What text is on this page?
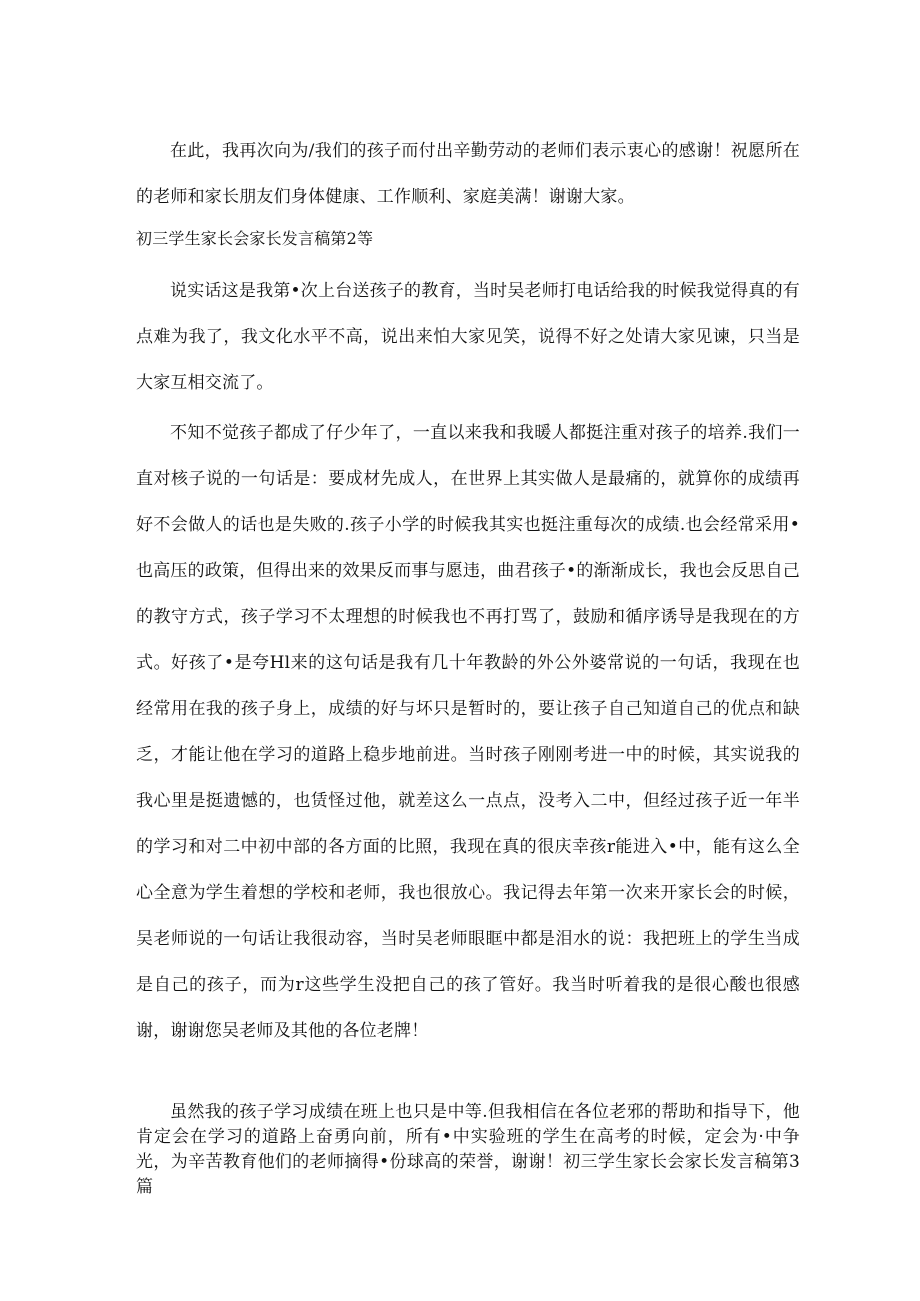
在此，我再次向为/我们的孩子而付出辛勤劳动的老师们表示衷心的感谢！祝愿所在的老师和家长朋友们身体健康、工作顺利、家庭美满！谢谢大家。

初三学生家长会家长发言稿第2等

说实话这是我第•次上台送孩子的教育，当时吴老师打电话给我的时候我觉得真的有点难为我了，我文化水平不高，说出来怕大家见笑，说得不好之处请大家见谏，只当是大家互相交流了。

不知不觉孩子都成了仔少年了，一直以来我和我暖人都挺注重对孩子的培养.我们一直对核子说的一句话是：要成材先成人，在世界上其实做人是最痛的，就算你的成绩再好不会做人的话也是失败的.孩子小学的时候我其实也挺注重每次的成绩.也会经常采用•也高压的政策，但得出来的效果反而事与愿违，曲君孩子•的渐渐成长，我也会反思自己的教守方式，孩子学习不太理想的时候我也不再打骂了，鼓励和循序诱导是我现在的方式。好孩了•是夸Hl来的这句话是我有几十年教龄的外公外婆常说的一句话，我现在也经常用在我的孩子身上，成绩的好与坏只是暂时的，要让孩子自己知道自己的优点和缺乏，才能让他在学习的道路上稳步地前进。当时孩子刚刚考进一中的时候，其实说我的我心里是挺遗憾的，也赁怪过他，就差这么一点点，没考入二中，但经过孩子近一年半的学习和对二中初中部的各方面的比照，我现在真的很庆幸孩r能进入•中，能有这么全心全意为学生着想的学校和老师，我也很放心。我记得去年第一次来开家长会的时候，吴老师说的一句话让我很动容，当时吴老师眼眶中都是泪水的说：我把班上的学生当成是自己的孩子，而为r这些学生没把自己的孩了管好。我当时听着我的是很心酸也很感谢，谢谢您吴老师及其他的各位老牌！

虽然我的孩子学习成绩在班上也只是中等.但我相信在各位老邪的帮助和指导下，他肯定会在学习的道路上奋勇向前，所有•中实验班的学生在高考的时候，定会为·中争光，为辛苦教育他们的老师摘得•份球高的荣誉，谢谢！初三学生家长会家长发言稿第3篇
